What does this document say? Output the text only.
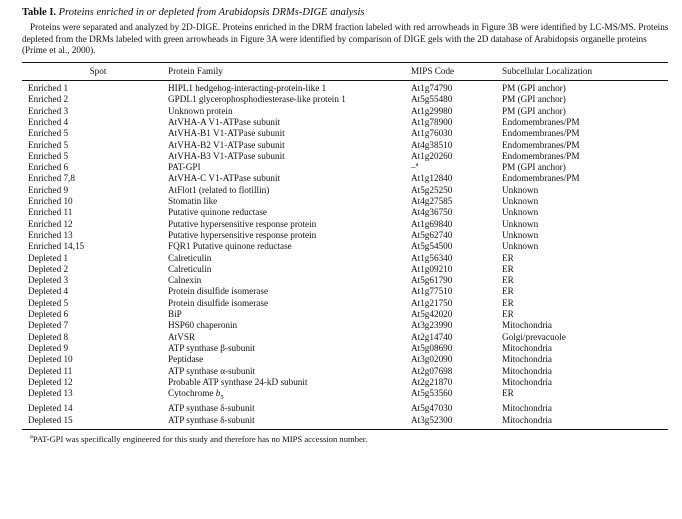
Table I. Proteins enriched in or depleted from Arabidopsis DRMs-DIGE analysis
Proteins were separated and analyzed by 2D-DIGE. Proteins enriched in the DRM fraction labeled with red arrowheads in Figure 3B were identified by LC-MS/MS. Proteins depleted from the DRMs labeled with green arrowheads in Figure 3A were identified by comparison of DIGE gels with the 2D database of Arabidopsis organelle proteins (Prime et al., 2000).
Spot	Protein Family	MIPS Code	Subcellular Localization
Enriched 1	HIPL1 hedgehog-interacting-protein-like 1	At1g74790	PM (GPI anchor)
Enriched 2	GPDL1 glycerophosphodiesterase-like protein 1	At5g55480	PM (GPI anchor)
Enriched 3	Unknown protein	At1g29980	PM (GPI anchor)
Enriched 4	AtVHA-A V1-ATPase subunit	At1g78900	Endomembranes/PM
Enriched 5	AtVHA-B1 V1-ATPase subunit	At1g76030	Endomembranes/PM
Enriched 5	AtVHA-B2 V1-ATPase subunit	At4g38510	Endomembranes/PM
Enriched 5	AtVHA-B3 V1-ATPase subunit	At1g20260	Endomembranes/PM
Enriched 6	PAT-GPI	–$^a$	PM (GPI anchor)
Enriched 7,8	AtVHA-C V1-ATPase subunit	At1g12840	Endomembranes/PM
Enriched 9	AtFlot1 (related to flotillin)	At5g25250	Unknown
Enriched 10	Stomatin like	At4g27585	Unknown
Enriched 11	Putative quinone reductase	At4g36750	Unknown
Enriched 12	Putative hypersensitive response protein	At1g69840	Unknown
Enriched 13	Putative hypersensitive response protein	At5g62740	Unknown
Enriched 14,15	FQR1 Putative quinone reductase	At5g54500	Unknown
Depleted 1	Calreticulin	At1g56340	ER
Depleted 2	Calreticulin	At1g09210	ER
Depleted 3	Calnexin	At5g61790	ER
Depleted 4	Protein disulfide isomerase	At1g77510	ER
Depleted 5	Protein disulfide isomerase	At1g21750	ER
Depleted 6	BiP	At5g42020	ER
Depleted 7	HSP60 chaperonin	At3g23990	Mitochondria
Depleted 8	AtVSR	At2g14740	Golgi/prevacuole
Depleted 9	ATP synthase β-subunit	At5g08690	Mitochondria
Depleted 10	Peptidase	At3g02090	Mitochondria
Depleted 11	ATP synthase α-subunit	At2g07698	Mitochondria
Depleted 12	Probable ATP synthase 24-kD subunit	At2g21870	Mitochondria
Depleted 13	Cytochrome $b_5$	At5g53560	ER
Depleted 14	ATP synthase δ-subunit	At5g47030	Mitochondria
Depleted 15	ATP synthase δ-subunit	At3g52300	Mitochondria
$^a$PAT-GPI was specifically engineered for this study and therefore has no MIPS accession number.
